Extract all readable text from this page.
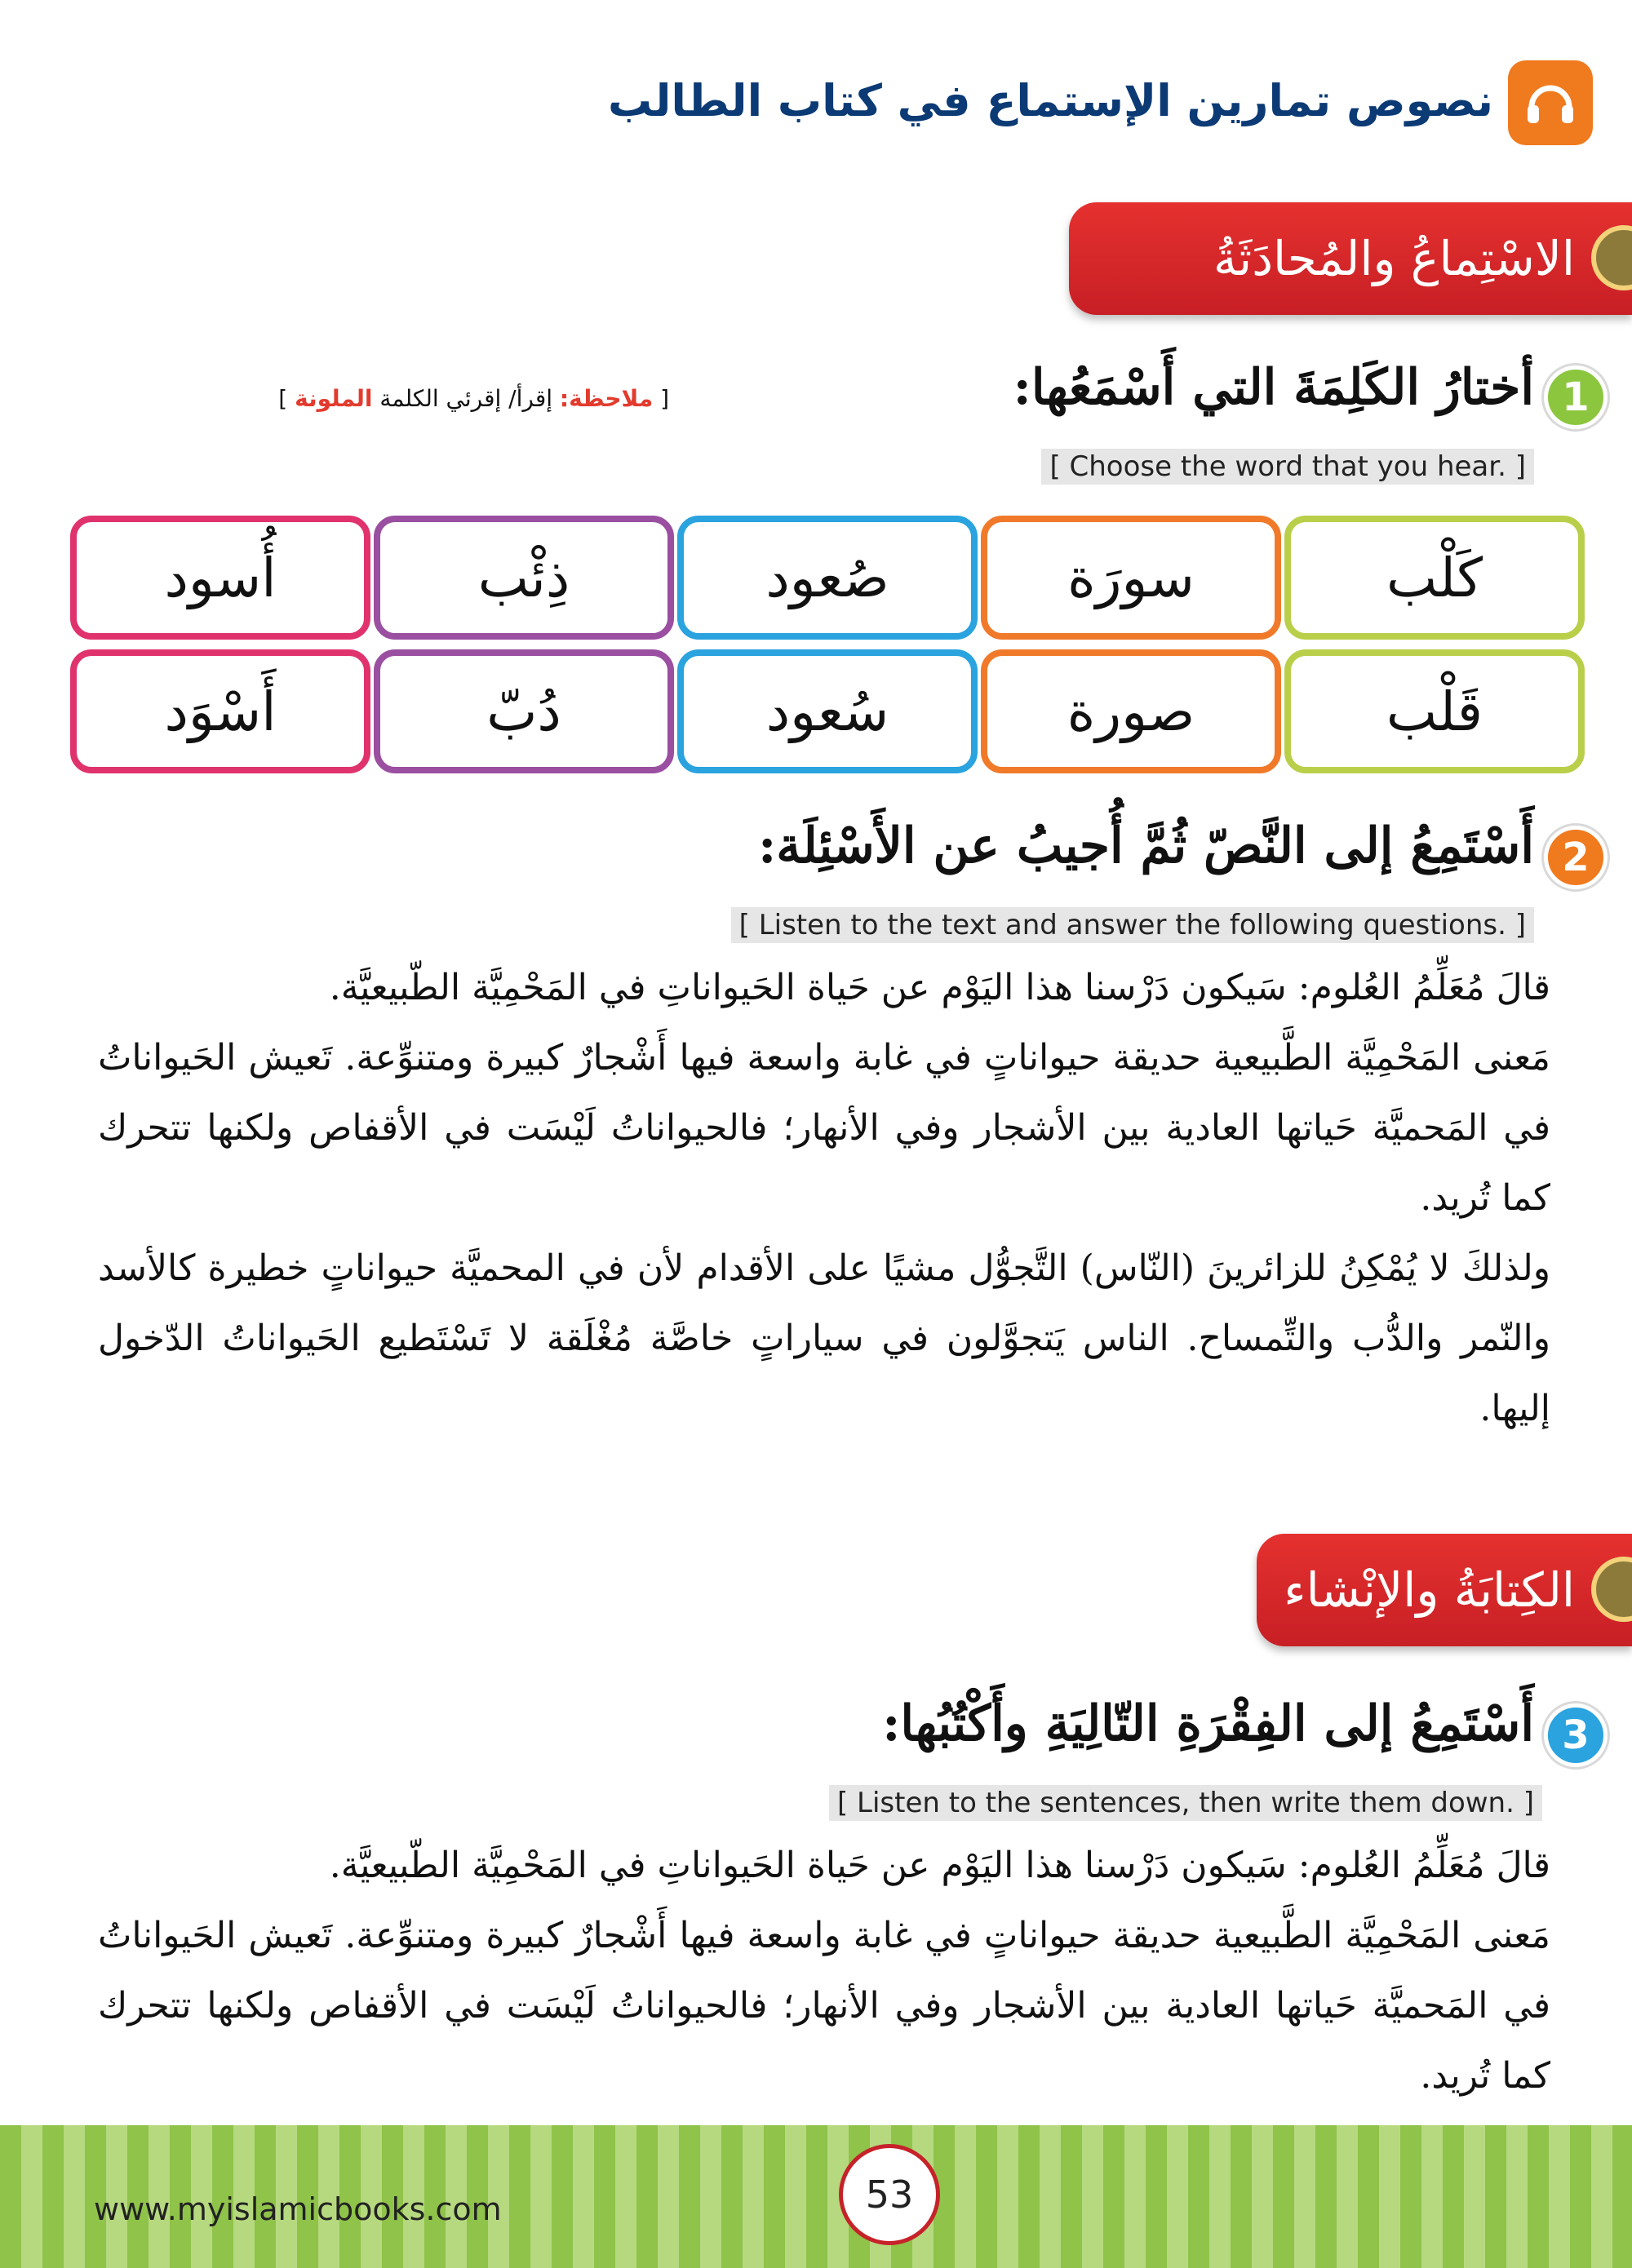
نصوص تمارين الإستماع في كتاب الطالب
الاسْتِماعُ والمُحادَثَةُ
1
أختارُ الكَلِمَةَ التي أَسْمَعُها:
[ ملاحظة: إقرأ/ إقرئي الكلمة الملونة ]
[ Choose the word that you hear. ]
كَلْب
قَلْب
سورَة
صورة
صُعود
سُعود
ذِئْب
دُبّ
أُسود
أَسْوَد
2
أَسْتَمِعُ إلى النَّصّ ثُمَّ أُجيبُ عن الأَسْئِلَة:
[ Listen to the text and answer the following questions. ]

قالَ مُعَلِّمُ العُلوم: سَيكون دَرْسنا هذا اليَوْم عن حَياة الحَيواناتِ في المَحْمِيَّة الطّبيعيَّة.

مَعنى المَحْمِيَّة الطَّبيعية حديقة حيواناتٍ في غابة واسعة فيها أَشْجارٌ كبيرة ومتنوِّعة. تَعيش الحَيواناتُ في المَحميَّة حَياتها العادية بين الأشجار وفي الأنهار؛ فالحيواناتُ لَيْسَت في الأقفاص ولكنها تتحرك كما تُريد.

ولذلكَ لا يُمْكِنُ للزائرينَ (النّاس) التَّجوُّل مشيًا على الأقدام لأن في المحميَّة حيواناتٍ خطيرة كالأسد والنّمر والدُّب والتِّمساح. الناس يَتجوَّلون في سياراتٍ خاصَّة مُغْلَقة لا تَسْتَطيع الحَيواناتُ الدّخول إليها.

الكِتابَةُ والإنْشاء
3
أَسْتَمِعُ إلى الفِقْرَةِ التّالِيَةِ وأَكْتُبُها:
[ Listen to the sentences, then write them down. ]

قالَ مُعَلِّمُ العُلوم: سَيكون دَرْسنا هذا اليَوْم عن حَياة الحَيواناتِ في المَحْمِيَّة الطّبيعيَّة.

مَعنى المَحْمِيَّة الطَّبيعية حديقة حيواناتٍ في غابة واسعة فيها أَشْجارٌ كبيرة ومتنوِّعة. تَعيش الحَيواناتُ في المَحميَّة حَياتها العادية بين الأشجار وفي الأنهار؛ فالحيواناتُ لَيْسَت في الأقفاص ولكنها تتحرك كما تُريد.

www.myislamicbooks.com	53
